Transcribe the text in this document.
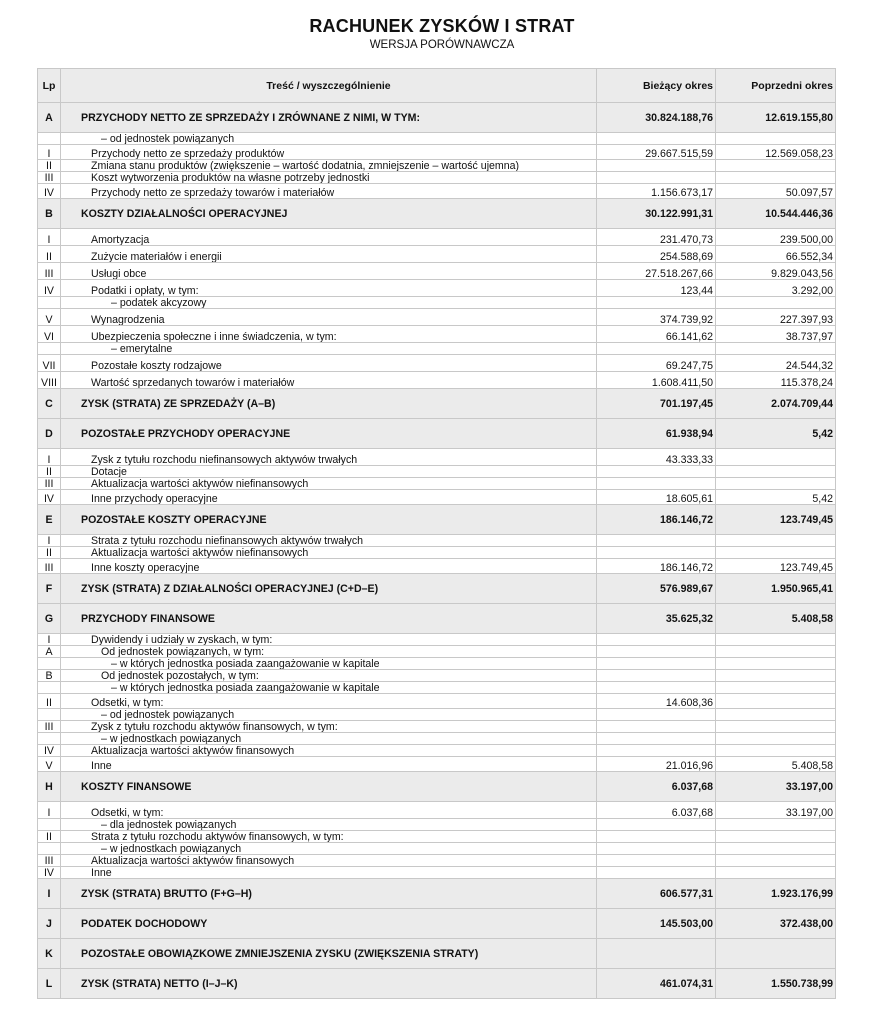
RACHUNEK ZYSKÓW I STRAT
WERSJA PORÓWNAWCZA
Lp	Treść / wyszczególnienie	Bieżący okres	Poprzedni okres
A	PRZYCHODY NETTO ZE SPRZEDAŻY I ZRÓWNANE Z NIMI, W TYM:	30.824.188,76	12.619.155,80
	– od jednostek powiązanych		
I	Przychody netto ze sprzedaży produktów	29.667.515,59	12.569.058,23
II	Zmiana stanu produktów (zwiększenie – wartość dodatnia, zmniejszenie – wartość ujemna)		
III	Koszt wytworzenia produktów na własne potrzeby jednostki		
IV	Przychody netto ze sprzedaży towarów i materiałów	1.156.673,17	50.097,57
B	KOSZTY DZIAŁALNOŚCI OPERACYJNEJ	30.122.991,31	10.544.446,36
I	Amortyzacja	231.470,73	239.500,00
II	Zużycie materiałów i energii	254.588,69	66.552,34
III	Usługi obce	27.518.267,66	9.829.043,56
IV	Podatki i opłaty, w tym:	123,44	3.292,00
	– podatek akcyzowy		
V	Wynagrodzenia	374.739,92	227.397,93
VI	Ubezpieczenia społeczne i inne świadczenia, w tym:	66.141,62	38.737,97
	– emerytalne		
VII	Pozostałe koszty rodzajowe	69.247,75	24.544,32
VIII	Wartość sprzedanych towarów i materiałów	1.608.411,50	115.378,24
C	ZYSK (STRATA) ZE SPRZEDAŻY (A–B)	701.197,45	2.074.709,44
D	POZOSTAŁE PRZYCHODY OPERACYJNE	61.938,94	5,42
I	Zysk z tytułu rozchodu niefinansowych aktywów trwałych	43.333,33	
II	Dotacje		
III	Aktualizacja wartości aktywów niefinansowych		
IV	Inne przychody operacyjne	18.605,61	5,42
E	POZOSTAŁE KOSZTY OPERACYJNE	186.146,72	123.749,45
I	Strata z tytułu rozchodu niefinansowych aktywów trwałych		
II	Aktualizacja wartości aktywów niefinansowych		
III	Inne koszty operacyjne	186.146,72	123.749,45
F	ZYSK (STRATA) Z DZIAŁALNOŚCI OPERACYJNEJ (C+D–E)	576.989,67	1.950.965,41
G	PRZYCHODY FINANSOWE	35.625,32	5.408,58
I	Dywidendy i udziały w zyskach, w tym:		
A	Od jednostek powiązanych, w tym:		
	– w których jednostka posiada zaangażowanie w kapitale		
B	Od jednostek pozostałych, w tym:		
	– w których jednostka posiada zaangażowanie w kapitale		
II	Odsetki, w tym:	14.608,36	
	– od jednostek powiązanych		
III	Zysk z tytułu rozchodu aktywów finansowych, w tym:		
	– w jednostkach powiązanych		
IV	Aktualizacja wartości aktywów finansowych		
V	Inne	21.016,96	5.408,58
H	KOSZTY FINANSOWE	6.037,68	33.197,00
I	Odsetki, w tym:	6.037,68	33.197,00
	– dla jednostek powiązanych		
II	Strata z tytułu rozchodu aktywów finansowych, w tym:		
	– w jednostkach powiązanych		
III	Aktualizacja wartości aktywów finansowych		
IV	Inne		
I	ZYSK (STRATA) BRUTTO (F+G–H)	606.577,31	1.923.176,99
J	PODATEK DOCHODOWY	145.503,00	372.438,00
K	POZOSTAŁE OBOWIĄZKOWE ZMNIEJSZENIA ZYSKU (ZWIĘKSZENIA STRATY)		
L	ZYSK (STRATA) NETTO (I–J–K)	461.074,31	1.550.738,99
